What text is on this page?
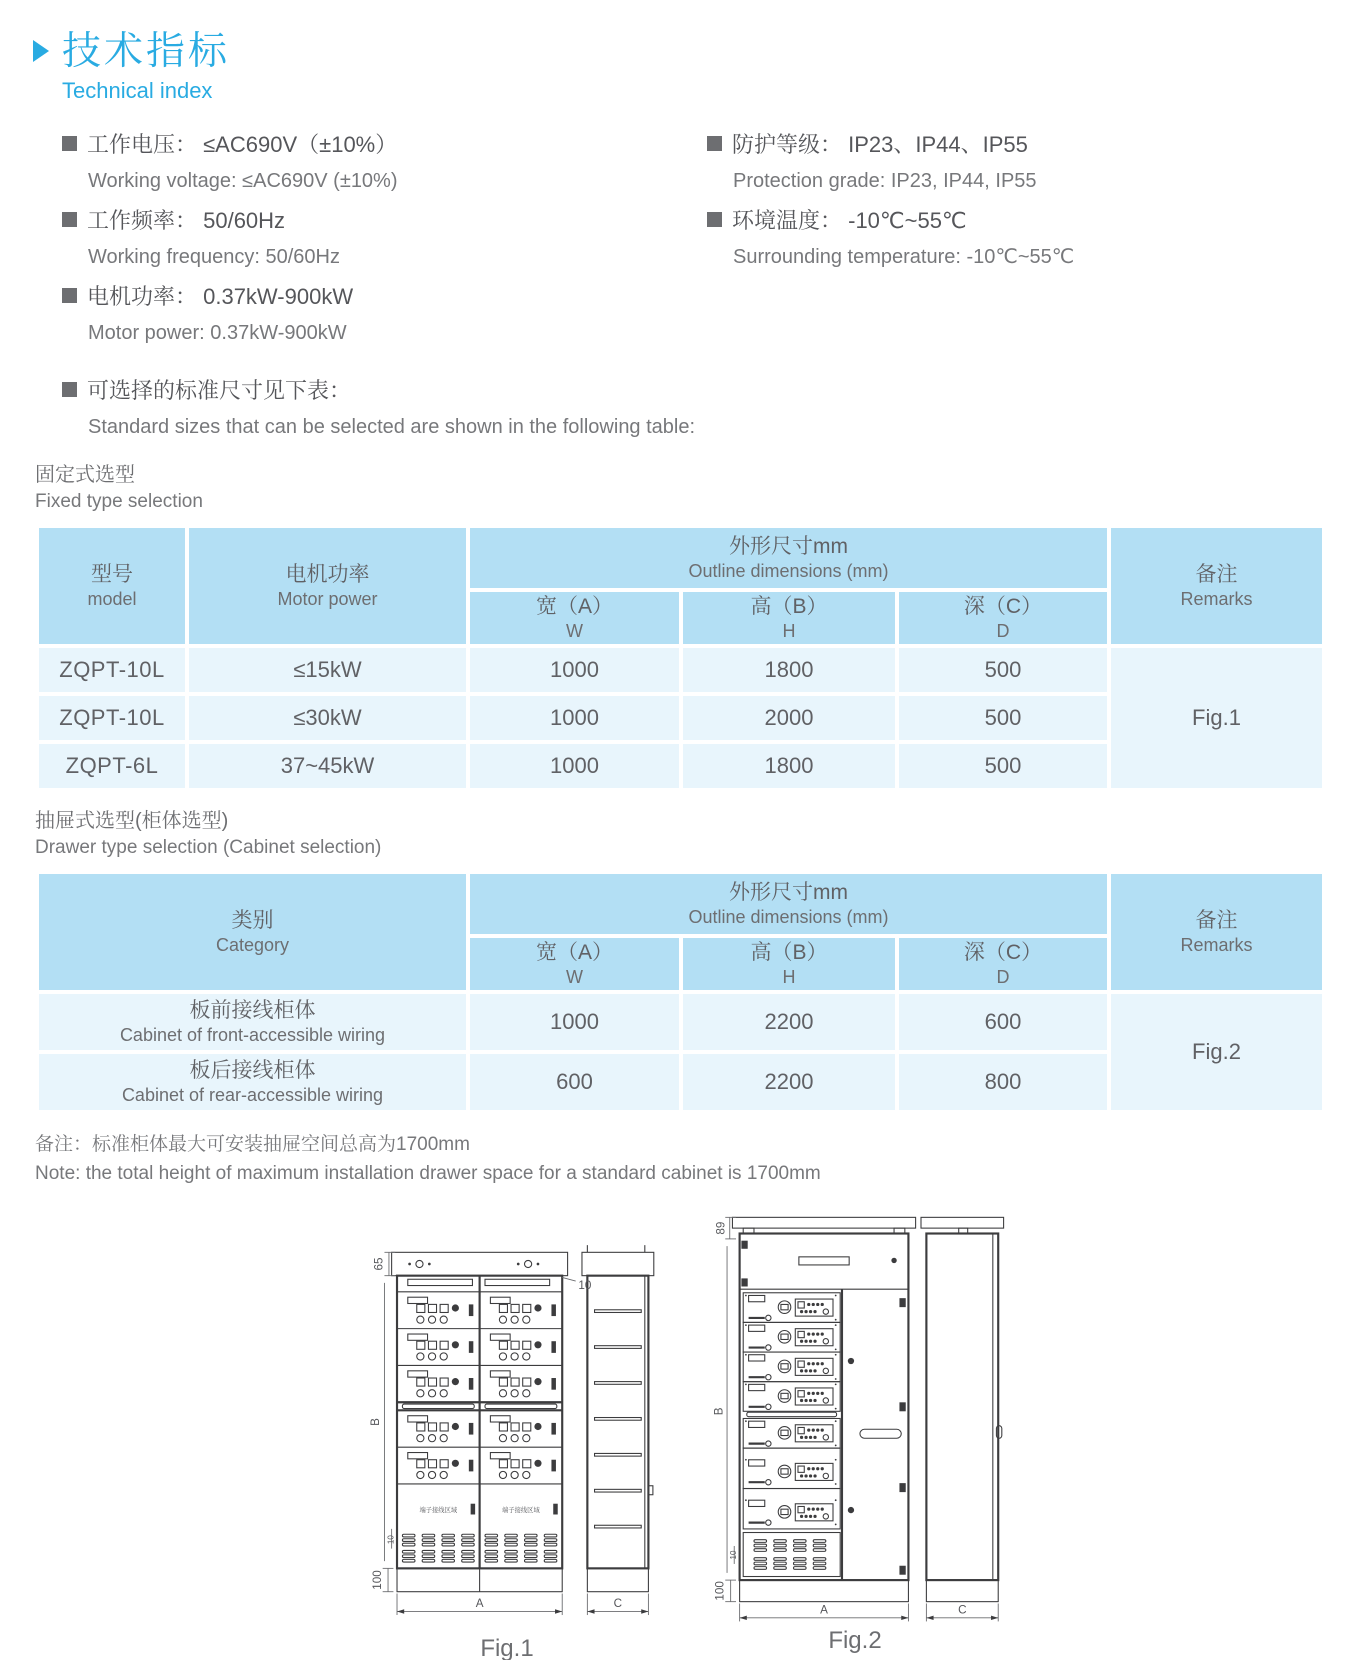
技术指标
Technical index
工作电压： ≤AC690V（±10%）
Working voltage: ≤AC690V (±10%)
工作频率： 50/60Hz
Working frequency: 50/60Hz
电机功率： 0.37kW-900kW
Motor power: 0.37kW-900kW
可选择的标准尺寸见下表：
Standard sizes that can be selected are shown in the following table:
防护等级： IP23、IP44、IP55
Protection grade: IP23, IP44, IP55
环境温度： -10℃~55℃
Surrounding temperature: -10℃~55℃
固定式选型
Fixed type selection
型号
model	电机功率
Motor power	外形尺寸mm
Outline dimensions (mm)			备注
Remarks

		宽（A）
W	高（B）
H	深（C）
D	

ZQPT-10L	≤15kW	1000	1800	500	Fig.1
ZQPT-10L	≤30kW	1000	2000	500	
ZQPT-6L	37~45kW	1000	1800	500	
抽屉式选型(柜体选型)
Drawer type selection (Cabinet selection)
类别
Category	外形尺寸mm
Outline dimensions (mm)			备注
Remarks

	宽（A）
W	高（B）
H	深（C）
D	

板前接线柜体
Cabinet of front-accessible wiring	1000	2200	600	Fig.2

板后接线柜体
Cabinet of rear-accessible wiring	600	2200	800	
备注：标准柜体最大可安装抽屉空间总高为1700mm
Note: the total height of maximum installation drawer space for a standard cabinet is 1700mm
端子接线区域	端子接线区域
65
10
B
10
100
A	C
Fig.1
89
B
10
100
A	C
Fig.2
